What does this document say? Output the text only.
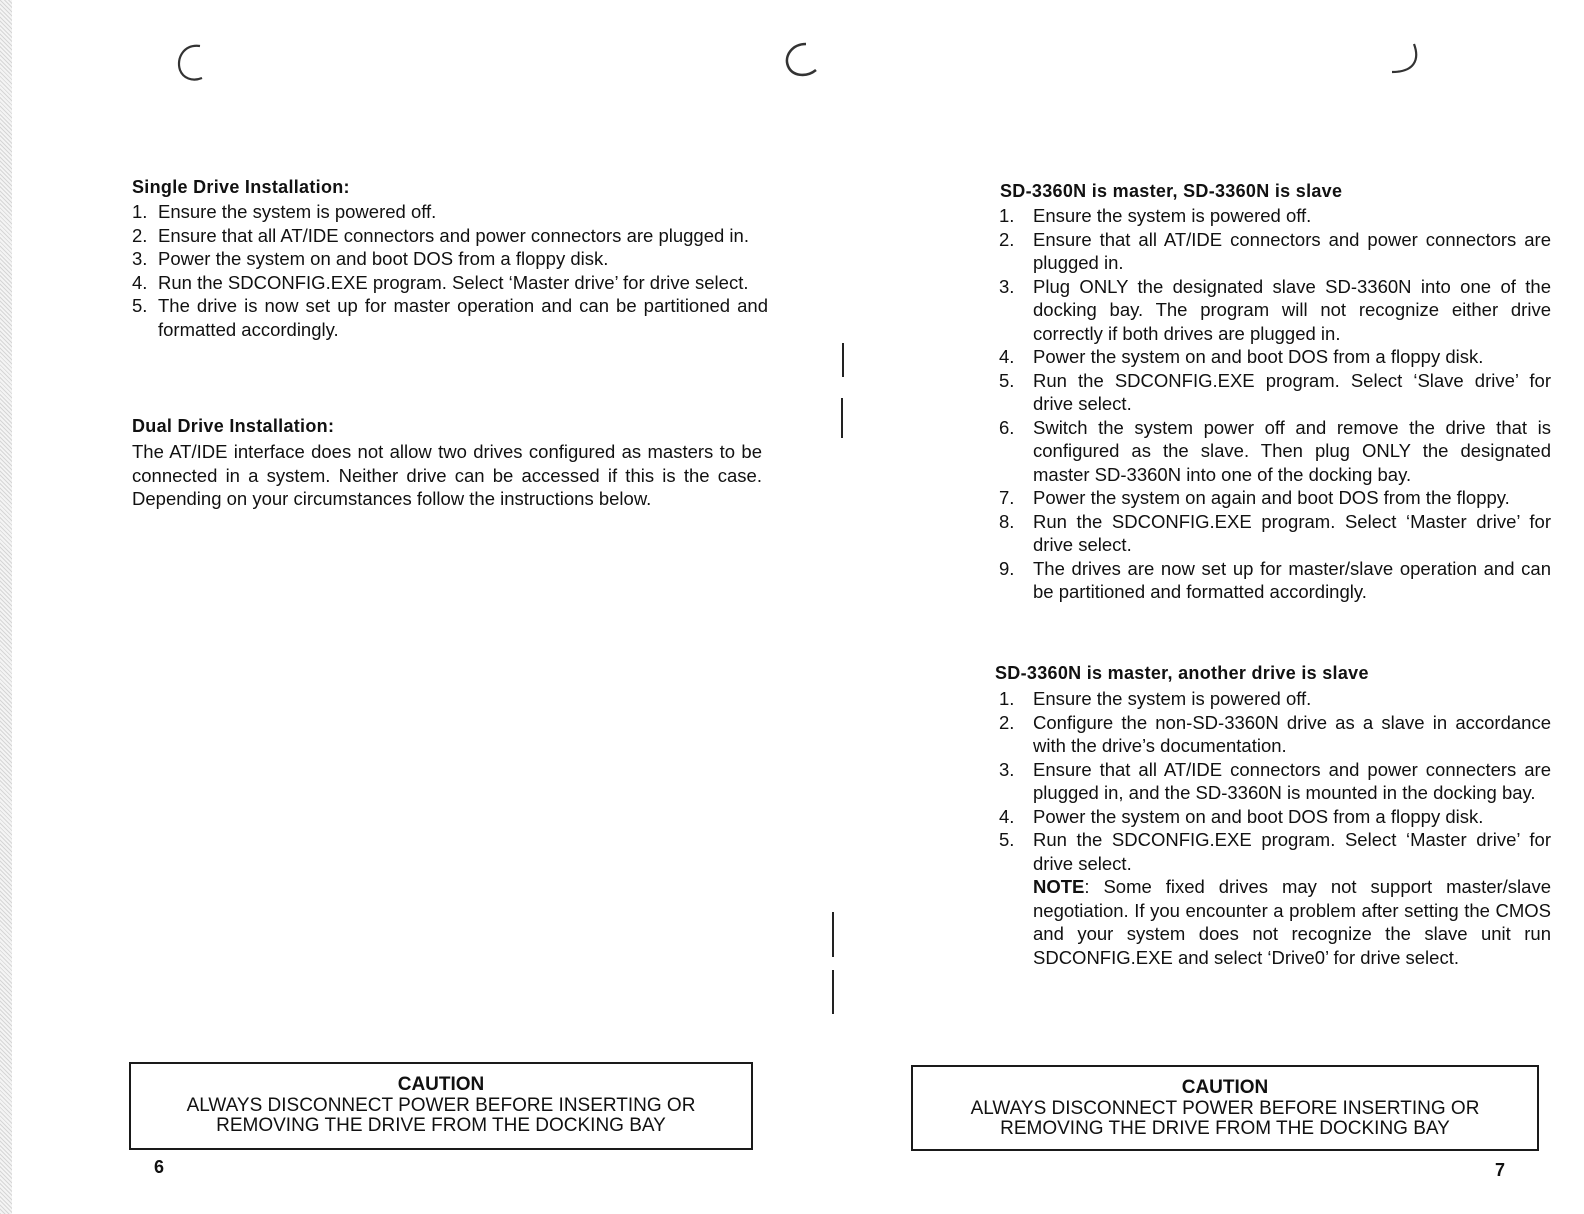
Single Drive Installation:
1. Ensure the system is powered off.
2. Ensure that all AT/IDE connectors and power connectors are plugged in.
3. Power the system on and boot DOS from a floppy disk.
4. Run the SDCONFIG.EXE program. Select ‘Master drive’ for drive select.
5. The drive is now set up for master operation and can be partitioned and formatted accordingly.
Dual Drive Installation:

The AT/IDE interface does not allow two drives configured as masters to be connected in a system. Neither drive can be accessed if this is the case. Depending on your circumstances follow the instructions below.

CAUTION
ALWAYS DISCONNECT POWER BEFORE INSERTING OR
REMOVING THE DRIVE FROM THE DOCKING BAY
6
SD-3360N is master, SD-3360N is slave
1. Ensure the system is powered off.
2. Ensure that all AT/IDE connectors and power connectors are plugged in.
3. Plug ONLY the designated slave SD-3360N into one of the docking bay. The program will not recognize either drive correctly if both drives are plugged in.
4. Power the system on and boot DOS from a floppy disk.
5. Run the SDCONFIG.EXE program. Select ‘Slave drive’ for drive select.
6. Switch the system power off and remove the drive that is configured as the slave. Then plug ONLY the designated master SD-3360N into one of the docking bay.
7. Power the system on again and boot DOS from the floppy.
8. Run the SDCONFIG.EXE program. Select ‘Master drive’ for drive select.
9. The drives are now set up for master/slave operation and can be partitioned and formatted accordingly.
SD-3360N is master, another drive is slave
1. Ensure the system is powered off.
2. Configure the non-SD-3360N drive as a slave in accordance with the drive’s documentation.
3. Ensure that all AT/IDE connectors and power connecters are plugged in, and the SD-3360N is mounted in the docking bay.
4. Power the system on and boot DOS from a floppy disk.
5. Run the SDCONFIG.EXE program. Select ‘Master drive’ for drive select.
NOTE: Some fixed drives may not support master/slave negotiation. If you encounter a problem after setting the CMOS and your system does not recognize the slave unit run SDCONFIG.EXE and select ‘Drive0’ for drive select.
CAUTION
ALWAYS DISCONNECT POWER BEFORE INSERTING OR
REMOVING THE DRIVE FROM THE DOCKING BAY
7
